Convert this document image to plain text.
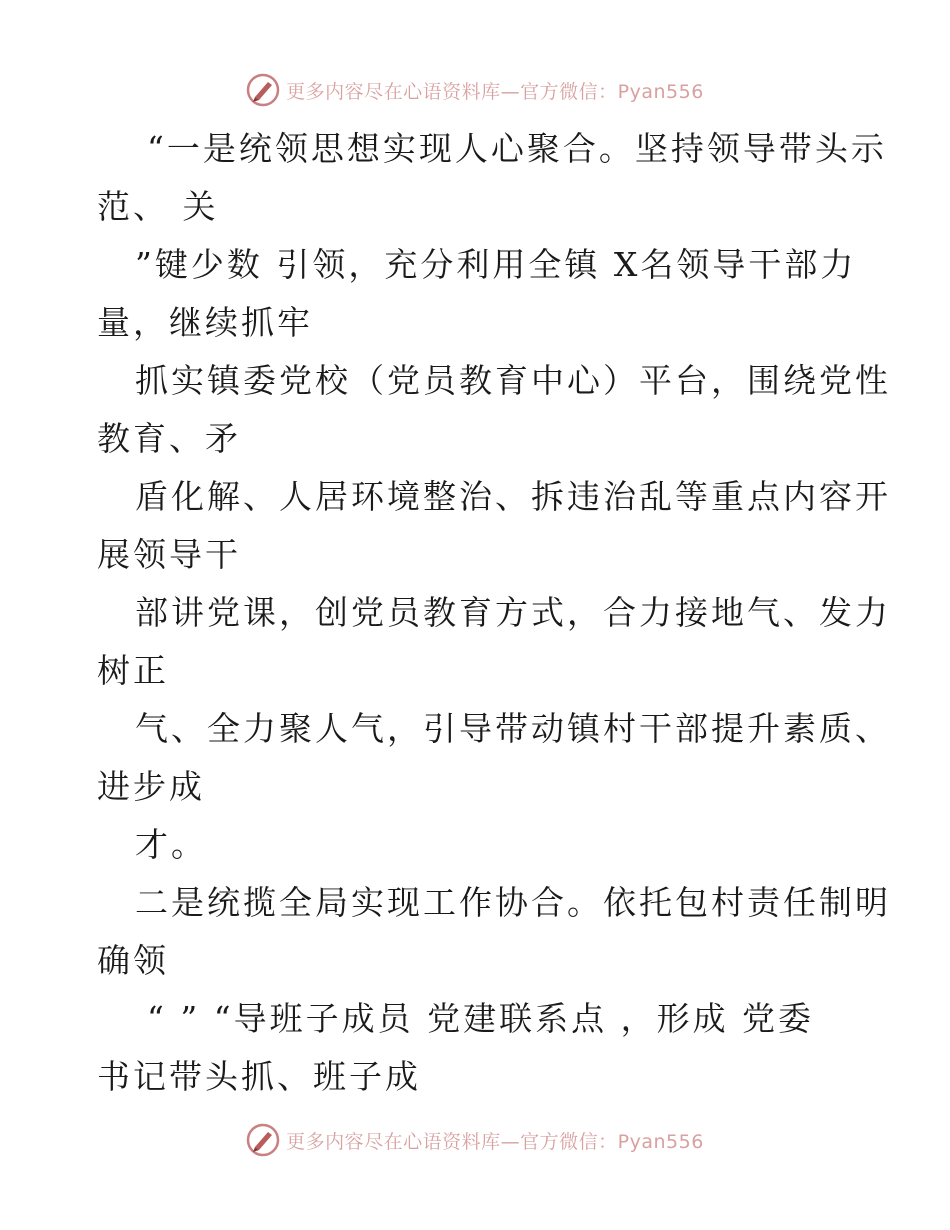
更多内容尽在心语资料库—官方微信：Pyan556
“一是统领思想实现人心聚合。坚持领导带头示
范、 关
”键少数 引领，充分利用全镇 X名领导干部力
量，继续抓牢
抓实镇委党校（党员教育中心）平台，围绕党性
教育、矛
盾化解、人居环境整治、拆违治乱等重点内容开
展领导干
部讲党课，创党员教育方式，合力接地气、发力
树正
气、全力聚人气，引导带动镇村干部提升素质、
进步成
才。
二是统揽全局实现工作协合。依托包村责任制明
确领
“ ” “导班子成员 党建联系点 ，形成 党委
书记带头抓、班子成
更多内容尽在心语资料库—官方微信：Pyan556
